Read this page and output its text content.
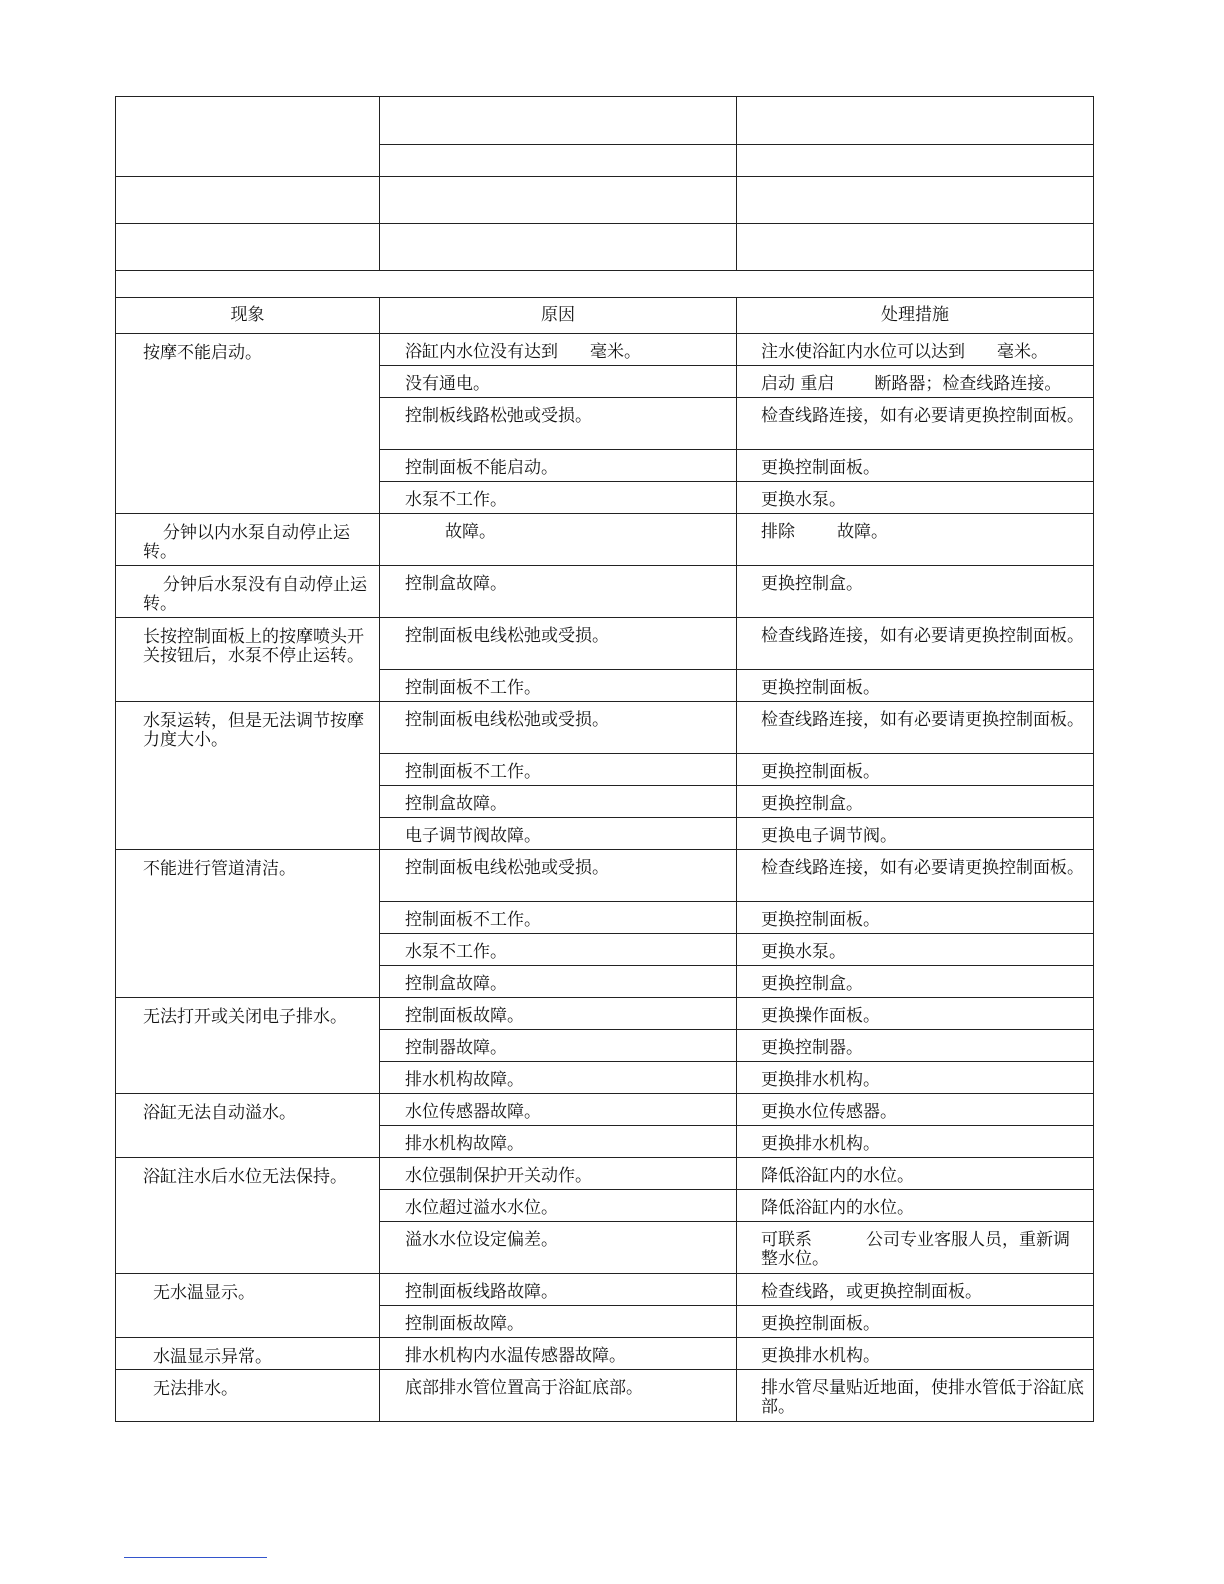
现象	原因	处理措施
按摩不能启动。	浴缸内水位没有达到 毫米。	注水使浴缸内水位可以达到 毫米。
	没有通电。	启动 重启 断路器；检查线路连接。
	控制板线路松弛或受损。	检查线路连接，如有必要请更换控制面板。
	控制面板不能启动。	更换控制面板。
	水泵不工作。	更换水泵。
分钟以内水泵自动停止运转。	故障。	排除 故障。
分钟后水泵没有自动停止运转。	控制盒故障。	更换控制盒。
长按控制面板上的按摩喷头开 关按钮后，水泵不停止运转。	控制面板电线松弛或受损。	检查线路连接，如有必要请更换控制面板。
	控制面板不工作。	更换控制面板。
水泵运转，但是无法调节按摩力度大小。	控制面板电线松弛或受损。	检查线路连接，如有必要请更换控制面板。
	控制面板不工作。	更换控制面板。
	控制盒故障。	更换控制盒。
	电子调节阀故障。	更换电子调节阀。
不能进行管道清洁。	控制面板电线松弛或受损。	检查线路连接，如有必要请更换控制面板。
	控制面板不工作。	更换控制面板。
	水泵不工作。	更换水泵。
	控制盒故障。	更换控制盒。
无法打开或关闭电子排水。	控制面板故障。	更换操作面板。
	控制器故障。	更换控制器。
	排水机构故障。	更换排水机构。
浴缸无法自动溢水。	水位传感器故障。	更换水位传感器。
	排水机构故障。	更换排水机构。
浴缸注水后水位无法保持。	水位强制保护开关动作。	降低浴缸内的水位。
	水位超过溢水水位。	降低浴缸内的水位。
	溢水水位设定偏差。	可联系 公司专业客服人员，重新调整水位。
无水温显示。	控制面板线路故障。	检查线路，或更换控制面板。
	控制面板故障。	更换控制面板。
水温显示异常。	排水机构内水温传感器故障。	更换排水机构。
无法排水。	底部排水管位置高于浴缸底部。	排水管尽量贴近地面，使排水管低于浴缸底部。
